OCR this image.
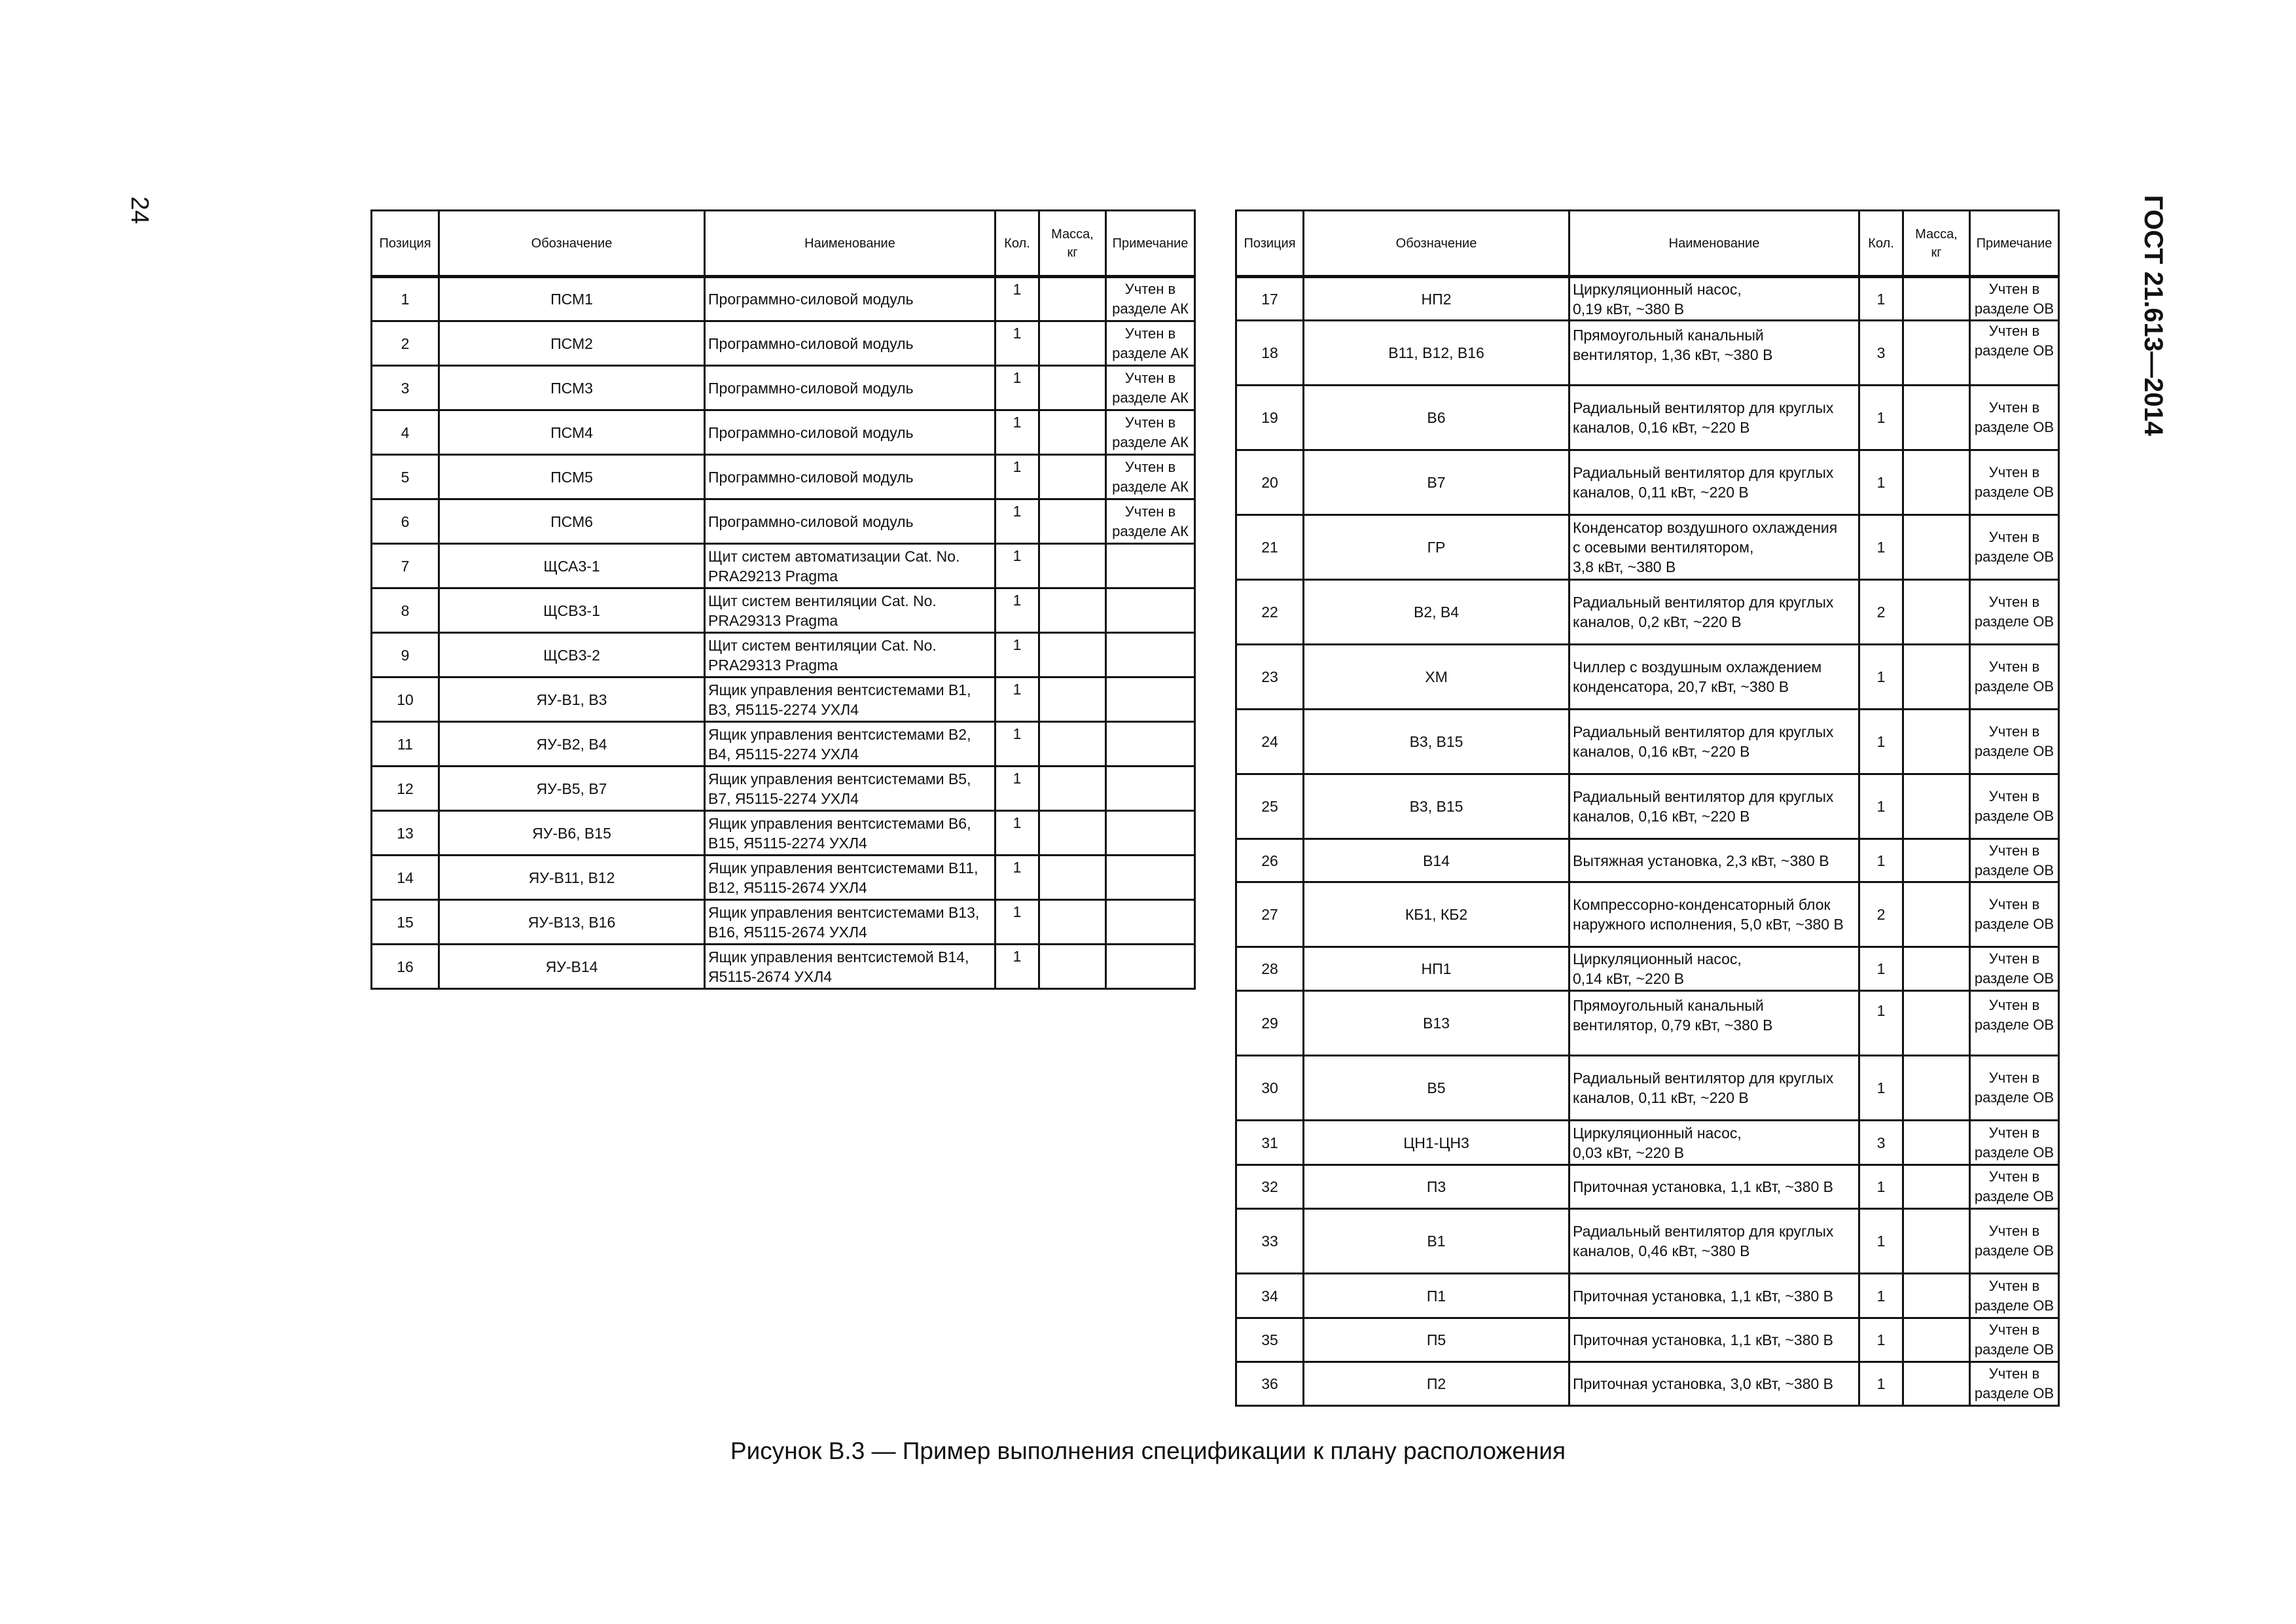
24	ГОСТ 21.613—2014
Позиция	Обозначение	Наименование	Кол.	Масса,
кг	Примечание
1	ПСМ1	Программно-силовой модуль	1		Учтен в
разделе АК
2	ПСМ2	Программно-силовой модуль	1		Учтен в
разделе АК
3	ПСМ3	Программно-силовой модуль	1		Учтен в
разделе АК
4	ПСМ4	Программно-силовой модуль	1		Учтен в
разделе АК
5	ПСМ5	Программно-силовой модуль	1		Учтен в
разделе АК
6	ПСМ6	Программно-силовой модуль	1		Учтен в
разделе АК
7	ЩСА3-1	Щит систем автоматизации Cat. No.
PRA29213 Pragma	1		
8	ЩСВ3-1	Щит систем вентиляции Cat. No.
PRA29313 Pragma	1		
9	ЩСВ3-2	Щит систем вентиляции Cat. No.
PRA29313 Pragma	1		
10	ЯУ-В1, В3	Ящик управления вентсистемами В1,
В3, Я5115-2274 УХЛ4	1		
11	ЯУ-В2, В4	Ящик управления вентсистемами В2,
В4, Я5115-2274 УХЛ4	1		
12	ЯУ-В5, В7	Ящик управления вентсистемами В5,
В7, Я5115-2274 УХЛ4	1		
13	ЯУ-В6, В15	Ящик управления вентсистемами В6,
В15, Я5115-2274 УХЛ4	1		
14	ЯУ-В11, В12	Ящик управления вентсистемами В11,
В12, Я5115-2674 УХЛ4	1		
15	ЯУ-В13, В16	Ящик управления вентсистемами В13,
В16, Я5115-2674 УХЛ4	1		
16	ЯУ-В14	Ящик управления вентсистемой В14,
Я5115-2674 УХЛ4	1		
Позиция	Обозначение	Наименование	Кол.	Масса,
кг	Примечание
17	НП2	Циркуляционный насос,
0,19 кВт, ~380 В	1		Учтен в
разделе ОВ
18	В11, В12, В16	Прямоугольный канальный
вентилятор, 1,36 кВт, ~380 В	3		Учтен в
разделе ОВ
19	В6	Радиальный вентилятор для круглых
каналов, 0,16 кВт, ~220 В	1		Учтен в
разделе ОВ
20	В7	Радиальный вентилятор для круглых
каналов, 0,11 кВт, ~220 В	1		Учтен в
разделе ОВ
21	ГР	Конденсатор воздушного охлаждения
с осевыми вентилятором,
3,8 кВт, ~380 В	1		Учтен в
разделе ОВ
22	В2, В4	Радиальный вентилятор для круглых
каналов, 0,2 кВт, ~220 В	2		Учтен в
разделе ОВ
23	ХМ	Чиллер с воздушным охлаждением
конденсатора, 20,7 кВт, ~380 В	1		Учтен в
разделе ОВ
24	В3, В15	Радиальный вентилятор для круглых
каналов, 0,16 кВт, ~220 В	1		Учтен в
разделе ОВ
25	В3, В15	Радиальный вентилятор для круглых
каналов, 0,16 кВт, ~220 В	1		Учтен в
разделе ОВ
26	В14	Вытяжная установка, 2,3 кВт, ~380 В	1		Учтен в
разделе ОВ
27	КБ1, КБ2	Компрессорно-конденсаторный блок
наружного исполнения, 5,0 кВт, ~380 В	2		Учтен в
разделе ОВ
28	НП1	Циркуляционный насос,
0,14 кВт, ~220 В	1		Учтен в
разделе ОВ
29	В13	Прямоугольный канальный
вентилятор, 0,79 кВт, ~380 В	1		Учтен в
разделе ОВ
30	В5	Радиальный вентилятор для круглых
каналов, 0,11 кВт, ~220 В	1		Учтен в
разделе ОВ
31	ЦН1-ЦН3	Циркуляционный насос,
0,03 кВт, ~220 В	3		Учтен в
разделе ОВ
32	П3	Приточная установка, 1,1 кВт, ~380 В	1		Учтен в
разделе ОВ
33	В1	Радиальный вентилятор для круглых
каналов, 0,46 кВт, ~380 В	1		Учтен в
разделе ОВ
34	П1	Приточная установка, 1,1 кВт, ~380 В	1		Учтен в
разделе ОВ
35	П5	Приточная установка, 1,1 кВт, ~380 В	1		Учтен в
разделе ОВ
36	П2	Приточная установка, 3,0 кВт, ~380 В	1		Учтен в
разделе ОВ
Рисунок В.3 — Пример выполнения спецификации к плану расположения
